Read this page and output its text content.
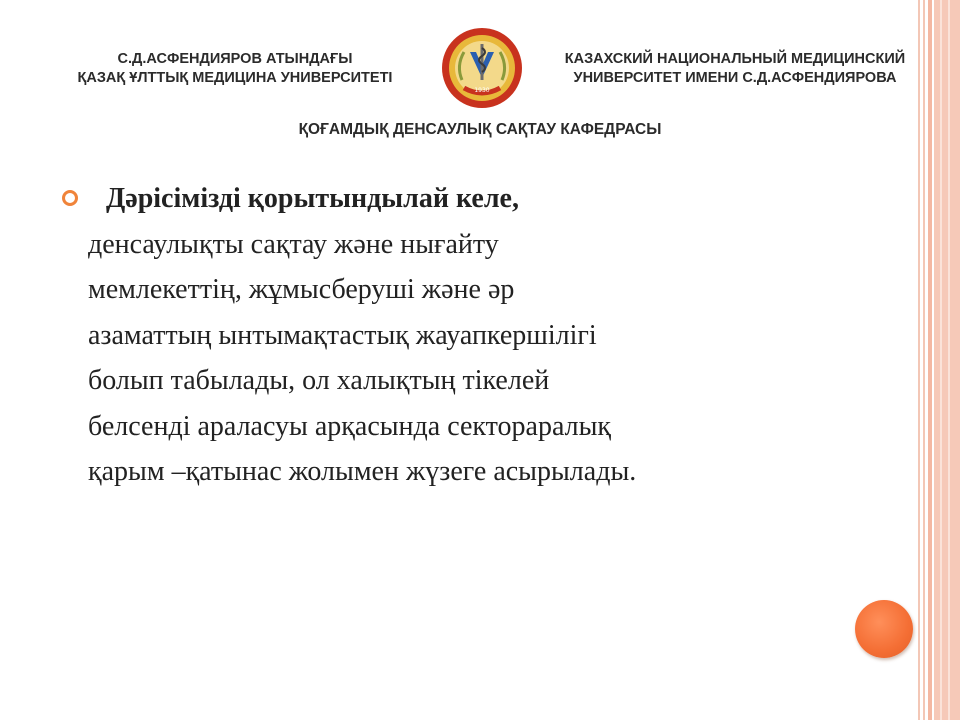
С.Д.АСФЕНДИЯРОВ АТЫНДАҒЫ
ҚАЗАҚ ҰЛТТЫҚ МЕДИЦИНА УНИВЕРСИТЕТІ
1930
КАЗАХСКИЙ НАЦИОНАЛЬНЫЙ МЕДИЦИНСКИЙ
УНИВЕРСИТЕТ ИМЕНИ С.Д.АСФЕНДИЯРОВА
ҚОҒАМДЫҚ ДЕНСАУЛЫҚ САҚТАУ КАФЕДРАСЫ
Дәрісімізді қорытындылай келе,
денсаулықты сақтау және нығайту
мемлекеттің, жұмысберуші және әр
азаматтың ынтымақтастық жауапкершілігі
болып табылады, ол халықтың тікелей
белсенді араласуы арқасында сектораралық
қарым –қатынас жолымен жүзеге асырылады.
